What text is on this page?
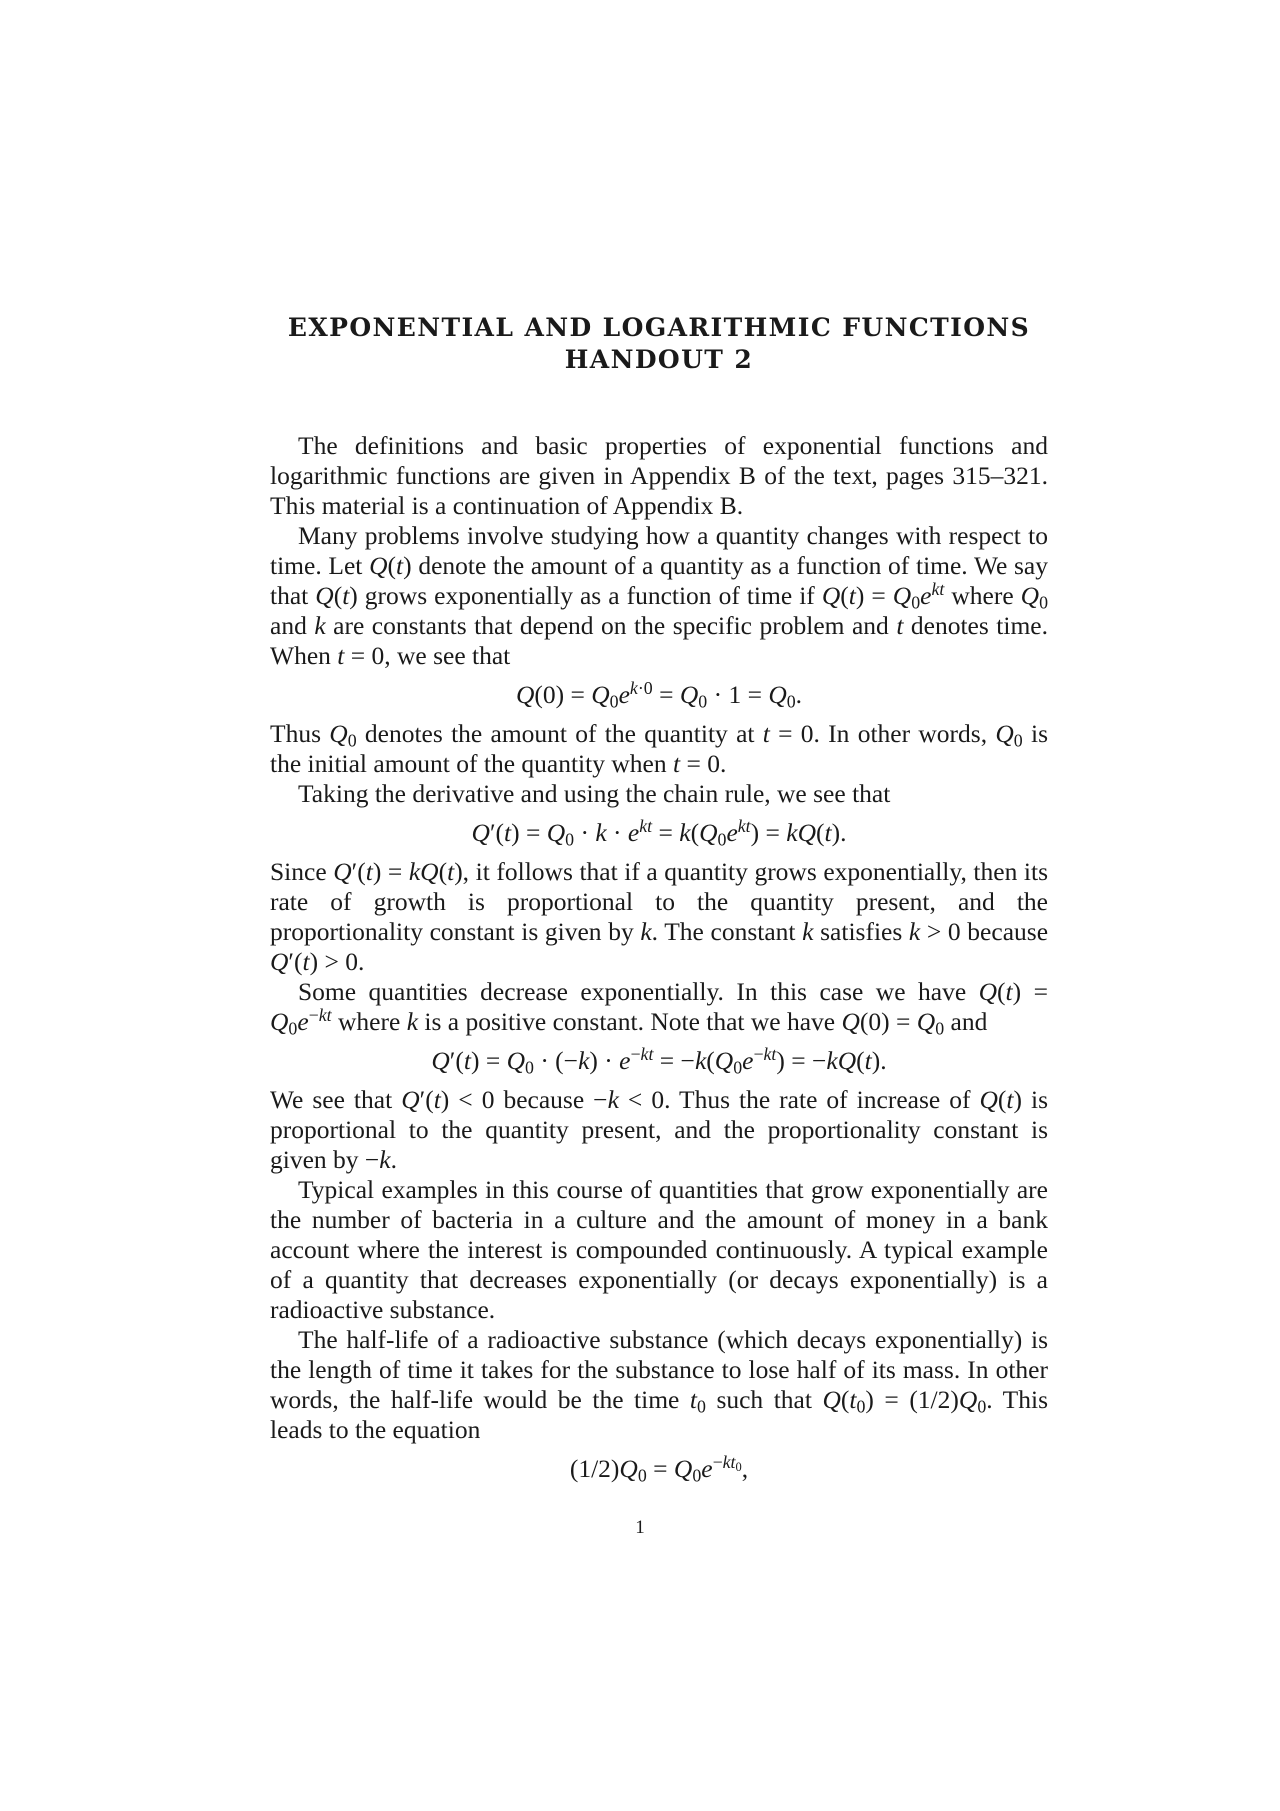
EXPONENTIAL AND LOGARITHMIC FUNCTIONS
HANDOUT 2

The definitions and basic properties of exponential functions and logarithmic functions are given in Appendix B of the text, pages 315–321. This material is a continuation of Appendix B.

Many problems involve studying how a quantity changes with respect to time. Let Q(t) denote the amount of a quantity as a function of time. We say that Q(t) grows exponentially as a function of time if $Q(t) = Q_0e^{kt}$ where $Q_0$ and k are constants that depend on the specific problem and t denotes time. When t = 0, we see that

$Q(0) = Q_0e^{k\cdot 0} = Q_0 \cdot 1 = Q_0$.

Thus $Q_0$ denotes the amount of the quantity at t = 0. In other words, $Q_0$ is the initial amount of the quantity when t = 0.

Taking the derivative and using the chain rule, we see that

$Q'(t) = Q_0 \cdot k \cdot e^{kt} = k(Q_0e^{kt}) = kQ(t)$.

Since Q′(t) = kQ(t), it follows that if a quantity grows exponentially, then its rate of growth is proportional to the quantity present, and the proportionality constant is given by k. The constant k satisfies k > 0 because Q′(t) > 0.

Some quantities decrease exponentially. In this case we have $Q(t) = Q_0e^{-kt}$ where k is a positive constant. Note that we have $Q(0) = Q_0$ and

$Q'(t) = Q_0 \cdot (-k) \cdot e^{-kt} = -k(Q_0e^{-kt}) = -kQ(t)$.

We see that Q′(t) < 0 because −k < 0. Thus the rate of increase of Q(t) is proportional to the quantity present, and the proportionality constant is given by −k.

Typical examples in this course of quantities that grow exponentially are the number of bacteria in a culture and the amount of money in a bank account where the interest is compounded continuously. A typical example of a quantity that decreases exponentially (or decays exponentially) is a radioactive substance.

The half-life of a radioactive substance (which decays exponentially) is the length of time it takes for the substance to lose half of its mass. In other words, the half-life would be the time $t_0$ such that $Q(t_0) = (1/2)Q_0$. This leads to the equation

$(1/2)Q_0 = Q_0e^{-kt_0}$,
1
